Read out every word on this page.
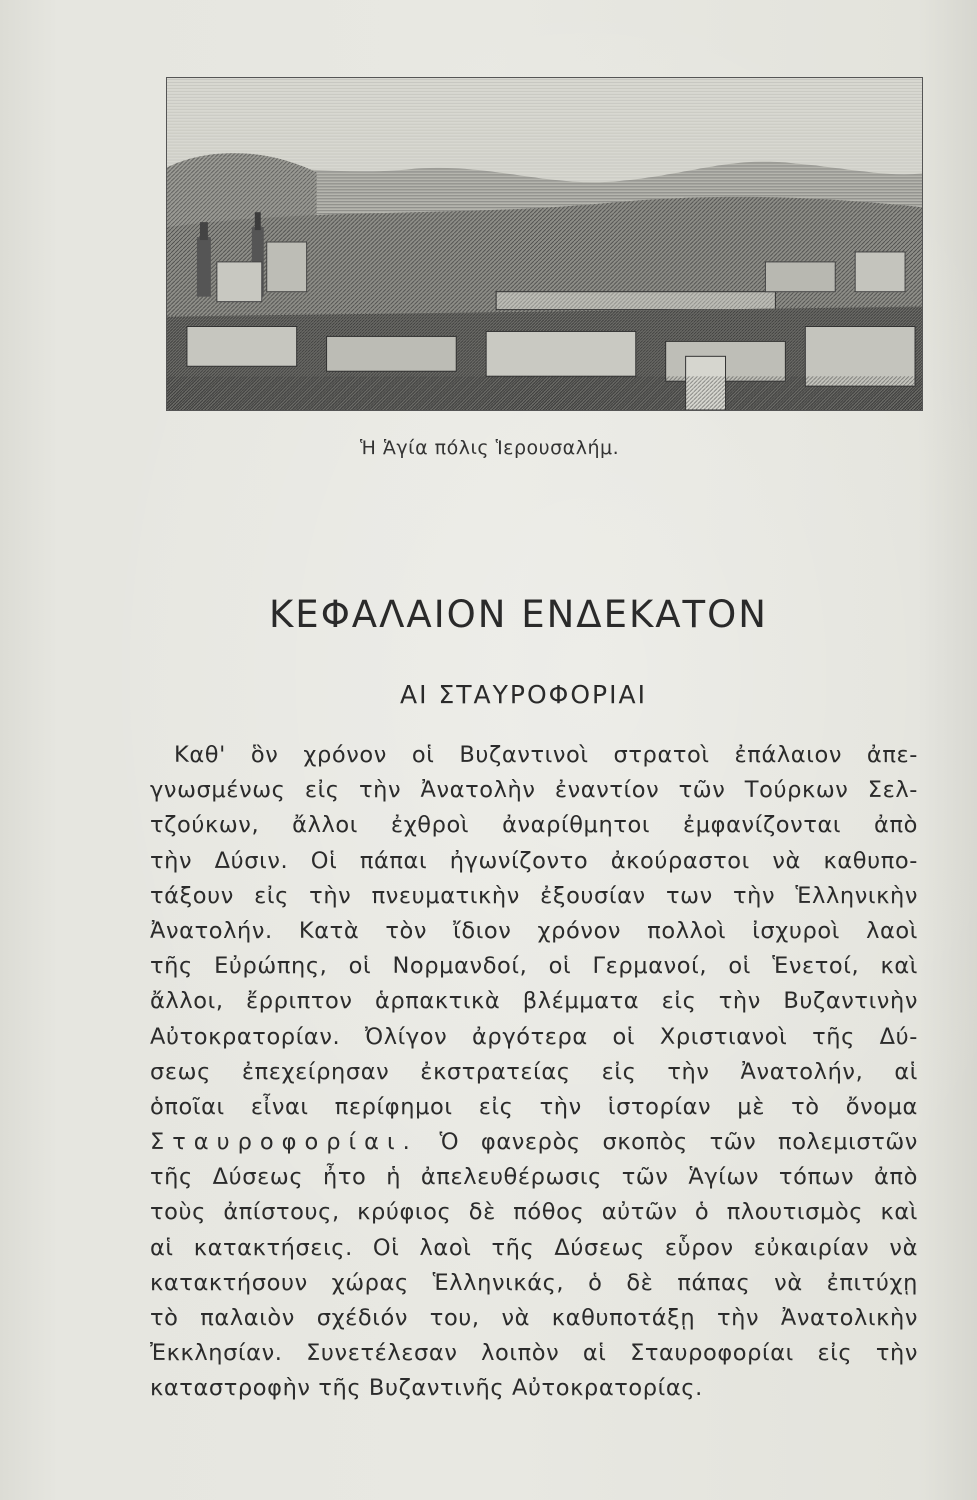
Ἡ Ἁγία πόλις Ἱερουσαλήμ.
ΚΕΦΑΛΑΙΟΝ ΕΝΔΕΚΑΤΟΝ
ΑΙ ΣΤΑΥΡΟΦΟΡΙΑΙ
Καθ' ὃν χρόνον οἱ Βυζαντινοὶ στρατοὶ ἐπάλαιον ἀπε-
γνωσμένως εἰς τὴν Ἀνατολὴν ἐναντίον τῶν Τούρκων Σελ-
τζούκων, ἄλλοι ἐχθροὶ ἀναρίθμητοι ἐμφανίζονται ἀπὸ
τὴν Δύσιν. Οἱ πάπαι ἠγωνίζοντο ἀκούραστοι νὰ καθυπο-
τάξουν εἰς τὴν πνευματικὴν ἐξουσίαν των τὴν Ἑλληνικὴν
Ἀνατολήν. Κατὰ τὸν ἴδιον χρόνον πολλοὶ ἰσχυροὶ λαοὶ
τῆς Εὐρώπης, οἱ Νορμανδοί, οἱ Γερμανοί, οἱ Ἑνετοί, καὶ
ἄλλοι, ἔρριπτον ἁρπακτικὰ βλέμματα εἰς τὴν Βυζαντινὴν
Αὐτοκρατορίαν. Ὀλίγον ἀργότερα οἱ Χριστιανοὶ τῆς Δύ-
σεως ἐπεχείρησαν ἐκστρατείας εἰς τὴν Ἀνατολήν, αἱ
ὁποῖαι εἶναι περίφημοι εἰς τὴν ἱστορίαν μὲ τὸ ὄνομα
Σταυροφορίαι. Ὁ φανερὸς σκοπὸς τῶν πολεμιστῶν
τῆς Δύσεως ἦτο ἡ ἀπελευθέρωσις τῶν Ἁγίων τόπων ἀπὸ
τοὺς ἀπίστους, κρύφιος δὲ πόθος αὐτῶν ὁ πλουτισμὸς καὶ
αἱ κατακτήσεις. Οἱ λαοὶ τῆς Δύσεως εὗρον εὐκαιρίαν νὰ
κατακτήσουν χώρας Ἑλληνικάς, ὁ δὲ πάπας νὰ ἐπιτύχῃ
τὸ παλαιὸν σχέδιόν του, νὰ καθυποτάξῃ τὴν Ἀνατολικὴν
Ἐκκλησίαν. Συνετέλεσαν λοιπὸν αἱ Σταυροφορίαι εἰς τὴν
καταστροφὴν τῆς Βυζαντινῆς Αὐτοκρατορίας.
